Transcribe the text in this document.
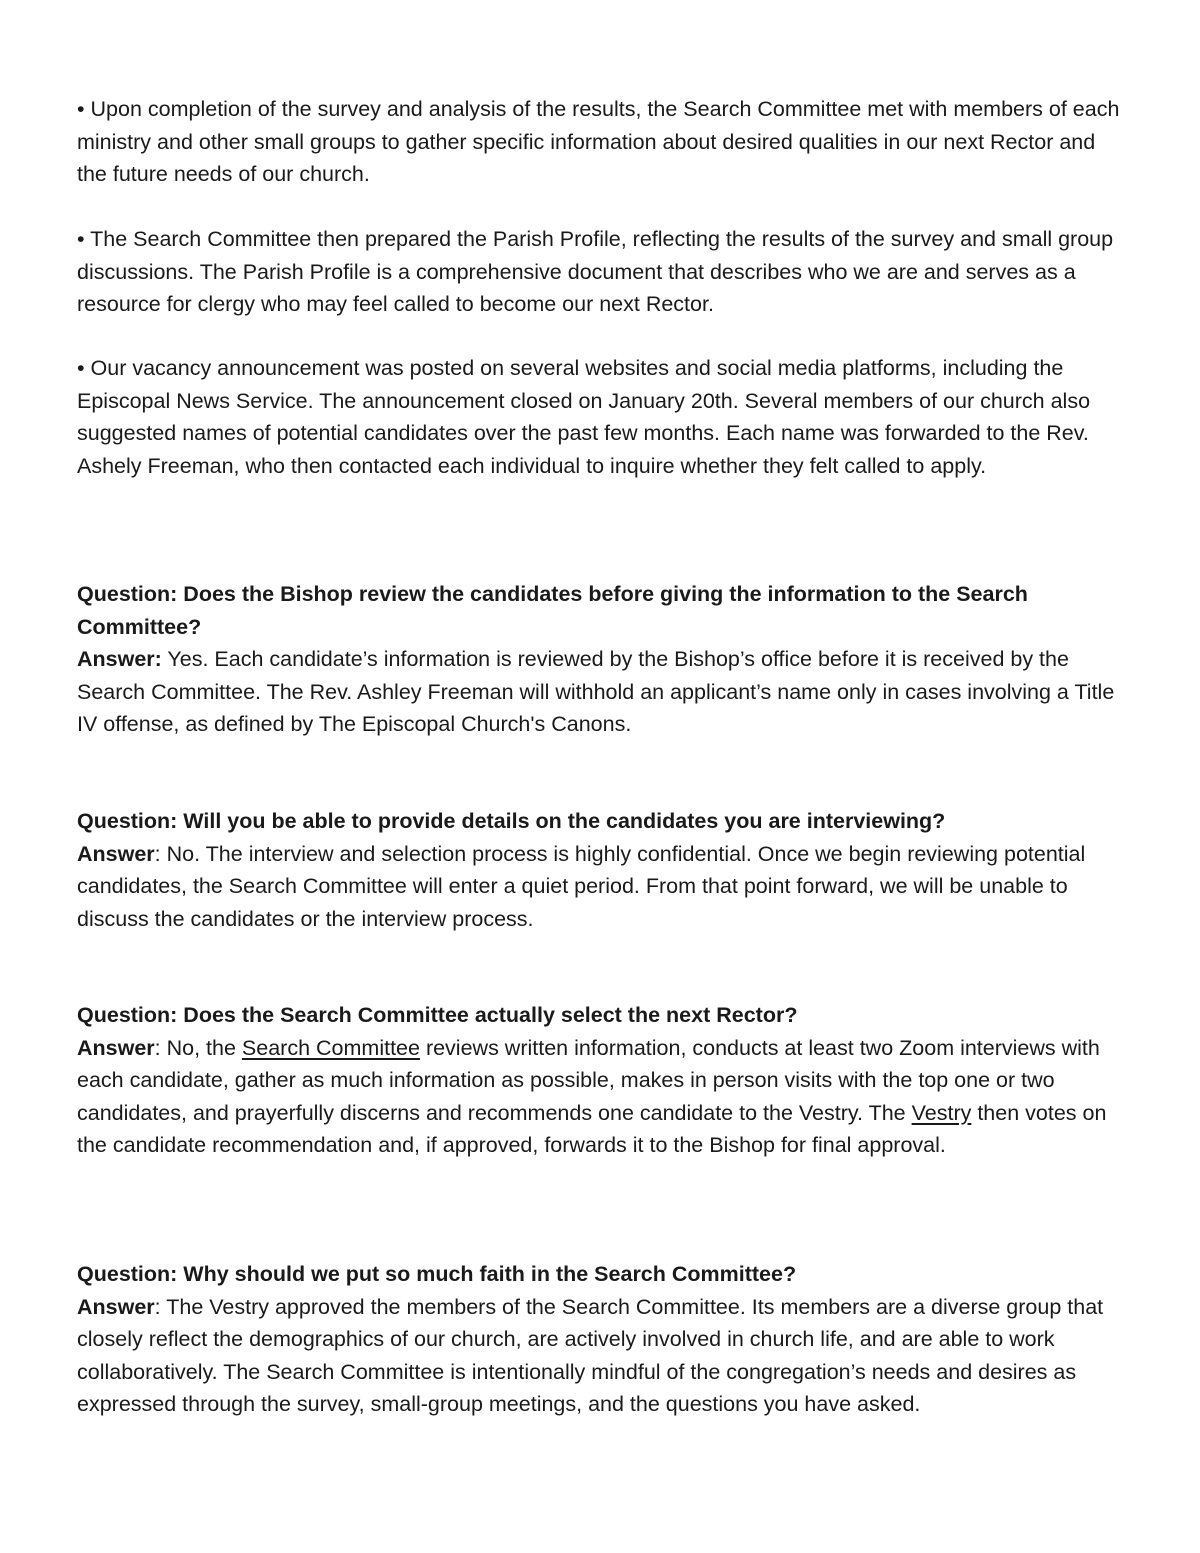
• Upon completion of the survey and analysis of the results, the Search Committee met with members of each ministry and other small groups to gather specific information about desired qualities in our next Rector and the future needs of our church.

• The Search Committee then prepared the Parish Profile, reflecting the results of the survey and small group discussions. The Parish Profile is a comprehensive document that describes who we are and serves as a resource for clergy who may feel called to become our next Rector.

• Our vacancy announcement was posted on several websites and social media platforms, including the Episcopal News Service. The announcement closed on January 20th. Several members of our church also suggested names of potential candidates over the past few months. Each name was forwarded to the Rev. Ashely Freeman, who then contacted each individual to inquire whether they felt called to apply.

Question: Does the Bishop review the candidates before giving the information to the Search Committee?

Answer: Yes. Each candidate’s information is reviewed by the Bishop’s office before it is received by the Search Committee. The Rev. Ashley Freeman will withhold an applicant’s name only in cases involving a Title IV offense, as defined by The Episcopal Church's Canons.

Question: Will you be able to provide details on the candidates you are interviewing?

Answer: No. The interview and selection process is highly confidential. Once we begin reviewing potential candidates, the Search Committee will enter a quiet period. From that point forward, we will be unable to discuss the candidates or the interview process.

Question: Does the Search Committee actually select the next Rector?

Answer: No, the Search Committee reviews written information, conducts at least two Zoom interviews with each candidate, gather as much information as possible, makes in person visits with the top one or two candidates, and prayerfully discerns and recommends one candidate to the Vestry. The Vestry then votes on the candidate recommendation and, if approved, forwards it to the Bishop for final approval.

Question: Why should we put so much faith in the Search Committee?

Answer: The Vestry approved the members of the Search Committee. Its members are a diverse group that closely reflect the demographics of our church, are actively involved in church life, and are able to work collaboratively. The Search Committee is intentionally mindful of the congregation’s needs and desires as expressed through the survey, small-group meetings, and the questions you have asked.
